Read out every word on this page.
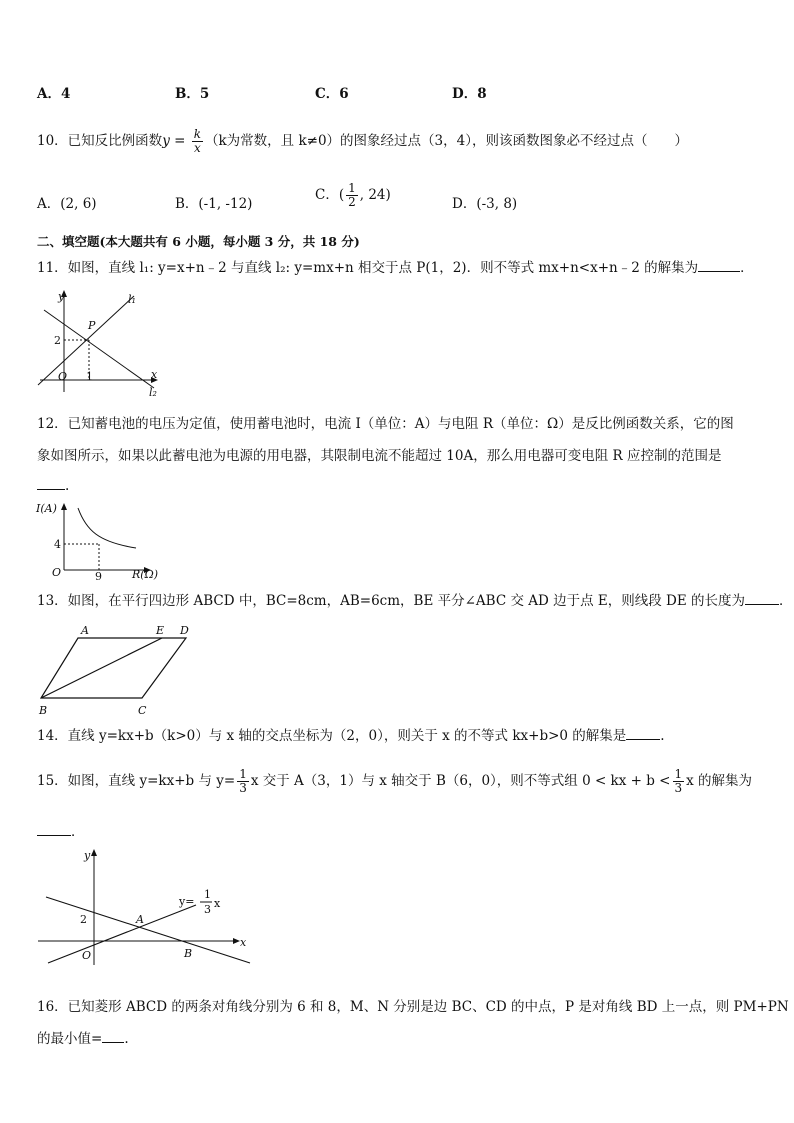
A．4	B．5	C．6	D．8
10．已知反比例函数$y = \frac{k}{x} (k$为常数，且 k≠0）的图象经过点（3，4），则该函数图象必不经过点（　　）
A．(2, 6)	B．(-1, -12)
C．( $\frac{1}{2}$ , 24)
D．(-3, 8)
二、填空题(本大题共有 6 小题，每小题 3 分，共 18 分)
11．如图，直线 l₁: y=x+n﹣2 与直线 l₂: y=mx+n 相交于点 P(1，2)．则不等式 mx+n<x+n﹣2 的解集为	．
y
x
O
P
2
1
l₁
l₂
12．已知蓄电池的电压为定值，使用蓄电池时，电流 I（单位：A）与电阻 R（单位：Ω）是反比例函数关系，它的图
象如图所示，如果以此蓄电池为电源的用电器，其限制电流不能超过 10A，那么用电器可变电阻 R 应控制的范围是
.
I(A)
R(Ω)
O
4
9
13．如图，在平行四边形 ABCD 中，BC=8cm，AB=6cm，BE 平分∠ABC 交 AD 边于点 E，则线段 DE 的长度为	．
A	E D
B	C
14．直线 y=kx+b（k>0）与 x 轴的交点坐标为（2，0），则关于 x 的不等式 kx+b>0 的解集是	.
15．如图，直线 y=kx+b 与 $y= \frac{1}{3}$ x 交于 A（3，1）与 x 轴交于 B（6，0），则不等式组 0 < kx + $b < \frac{1}{3}$ x 的解集为
．
y
x
O
A
B
2
y=
1
3 x
16．已知菱形 ABCD 的两条对角线分别为 6 和 8，M、N 分别是边 BC、CD 的中点，P 是对角线 BD 上一点，则 PM+PN
的最小值= .
